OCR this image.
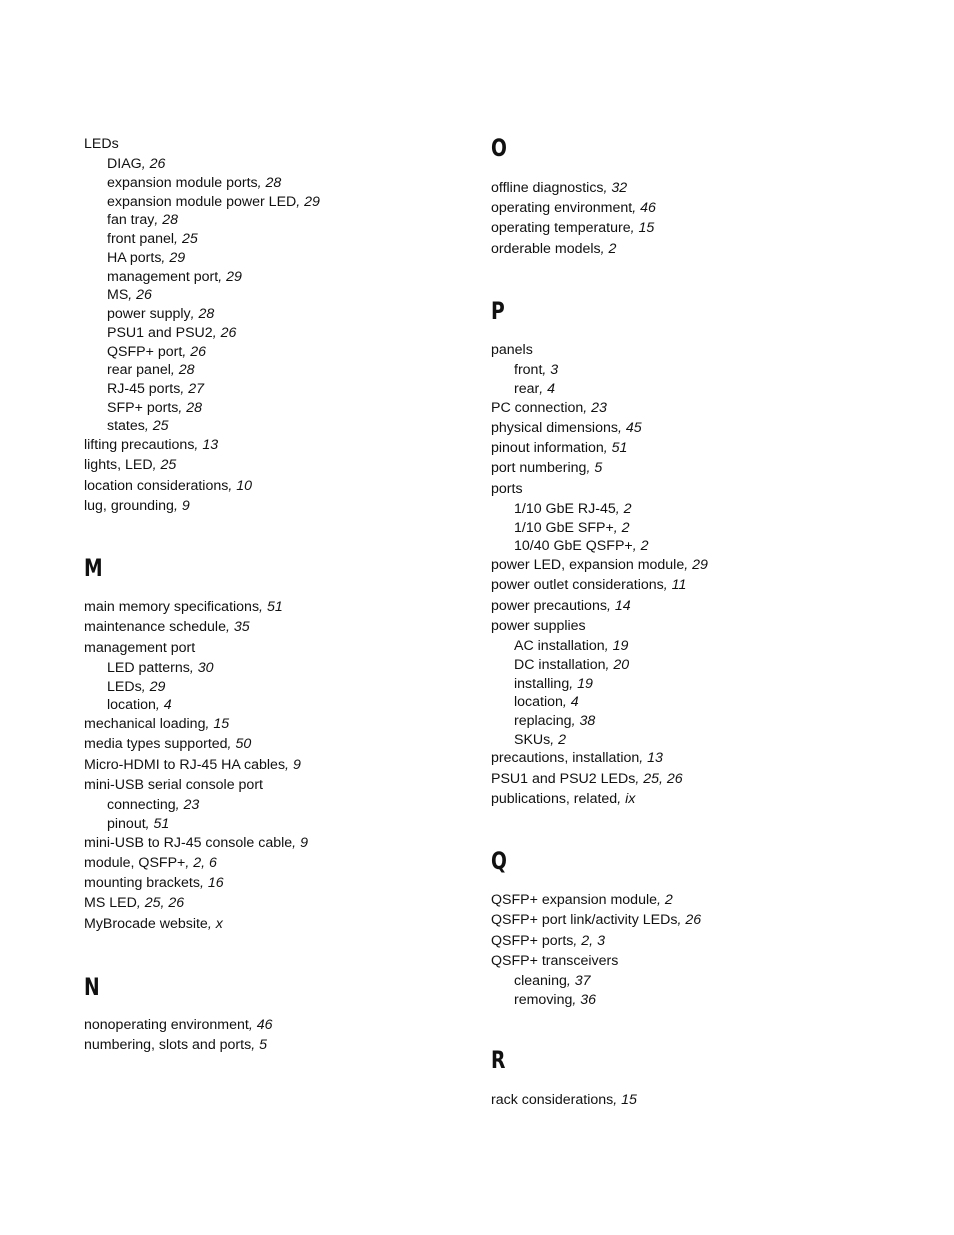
LEDs
DIAG, 26
expansion module ports, 28
expansion module power LED, 29
fan tray, 28
front panel, 25
HA ports, 29
management port, 29
MS, 26
power supply, 28
PSU1 and PSU2, 26
QSFP+ port, 26
rear panel, 28
RJ-45 ports, 27
SFP+ ports, 28
states, 25
lifting precautions, 13
lights, LED, 25
location considerations, 10
lug, grounding, 9
M
main memory specifications, 51
maintenance schedule, 35
management port
LED patterns, 30
LEDs, 29
location, 4
mechanical loading, 15
media types supported, 50
Micro-HDMI to RJ-45 HA cables, 9
mini-USB serial console port
connecting, 23
pinout, 51
mini-USB to RJ-45 console cable, 9
module, QSFP+, 2, 6
mounting brackets, 16
MS LED, 25, 26
MyBrocade website, x
N
nonoperating environment, 46
numbering, slots and ports, 5
O
offline diagnostics, 32
operating environment, 46
operating temperature, 15
orderable models, 2
P
panels
front, 3
rear, 4
PC connection, 23
physical dimensions, 45
pinout information, 51
port numbering, 5
ports
1/10 GbE RJ-45, 2
1/10 GbE SFP+, 2
10/40 GbE QSFP+, 2
power LED, expansion module, 29
power outlet considerations, 11
power precautions, 14
power supplies
AC installation, 19
DC installation, 20
installing, 19
location, 4
replacing, 38
SKUs, 2
precautions, installation, 13
PSU1 and PSU2 LEDs, 25, 26
publications, related, ix
Q
QSFP+ expansion module, 2
QSFP+ port link/activity LEDs, 26
QSFP+ ports, 2, 3
QSFP+ transceivers
cleaning, 37
removing, 36
R
rack considerations, 15
